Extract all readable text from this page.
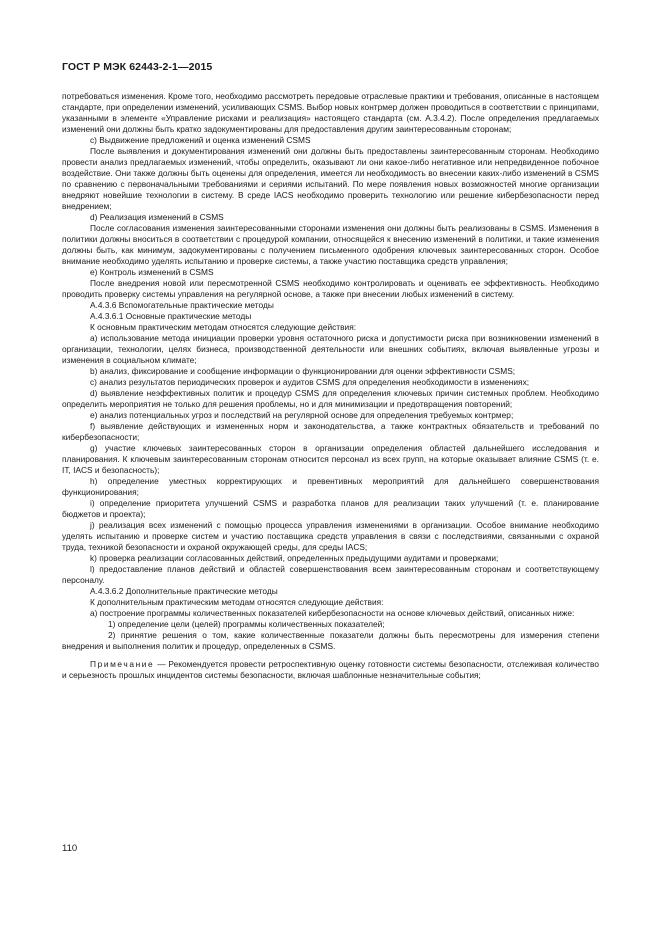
ГОСТ Р МЭК 62443-2-1—2015

потребоваться изменения. Кроме того, необходимо рассмотреть передовые отраслевые практики и требования, описанные в настоящем стандарте, при определении изменений, усиливающих CSMS. Выбор новых контрмер должен проводиться в соответствии с принципами, указанными в элементе «Управление рисками и реализация» настоящего стандарта (см. А.3.4.2). После определения предлагаемых изменений они должны быть кратко задокументированы для предоставления другим заинтересованным сторонам;

с) Выдвижение предложений и оценка изменений CSMS

После выявления и документирования изменений они должны быть предоставлены заинтересованным сторонам. Необходимо провести анализ предлагаемых изменений, чтобы определить, оказывают ли они какое-либо негативное или непредвиденное побочное воздействие. Они также должны быть оценены для определения, имеется ли необходимость во внесении каких-либо изменений в CSMS по сравнению с первоначальными требованиями и сериями испытаний. По мере появления новых возможностей многие организации внедряют новейшие технологии в систему. В среде IACS необходимо проверить технологию или решение кибербезопасности перед внедрением;

d) Реализация изменений в CSMS

После согласования изменения заинтересованными сторонами изменения они должны быть реализованы в CSMS. Изменения в политики должны вноситься в соответствии с процедурой компании, относящейся к внесению изменений в политики, и такие изменения должны быть, как минимум, задокументированы с получением письменного одобрения ключевых заинтересованных сторон. Особое внимание необходимо уделять испытанию и проверке системы, а также участию поставщика средств управления;

е) Контроль изменений в CSMS

После внедрения новой или пересмотренной CSMS необходимо контролировать и оценивать ее эффективность. Необходимо проводить проверку системы управления на регулярной основе, а также при внесении любых изменений в систему.

А.4.3.6 Вспомогательные практические методы

А.4.3.6.1 Основные практические методы

К основным практическим методам относятся следующие действия:

а) использование метода инициации проверки уровня остаточного риска и допустимости риска при возникновении изменений в организации, технологии, целях бизнеса, производственной деятельности или внешних событиях, включая выявленные угрозы и изменения в социальном климате;

b) анализ, фиксирование и сообщение информации о функционировании для оценки эффективности CSMS;

с) анализ результатов периодических проверок и аудитов CSMS для определения необходимости в изменениях;

d) выявление неэффективных политик и процедур CSMS для определения ключевых причин системных проблем. Необходимо определить мероприятия не только для решения проблемы, но и для минимизации и предотвращения повторений;

е) анализ потенциальных угроз и последствий на регулярной основе для определения требуемых контрмер;

f) выявление действующих и измененных норм и законодательства, а также контрактных обязательств и требований по кибербезопасности;

g) участие ключевых заинтересованных сторон в организации определения областей дальнейшего исследования и планирования. К ключевым заинтересованным сторонам относится персонал из всех групп, на которые оказывает влияние CSMS (т. е. IT, IACS и безопасность);

h) определение уместных корректирующих и превентивных мероприятий для дальнейшего совершенствования функционирования;

i) определение приоритета улучшений CSMS и разработка планов для реализации таких улучшений (т. е. планирование бюджетов и проекта);

j) реализация всех изменений с помощью процесса управления изменениями в организации. Особое внимание необходимо уделять испытанию и проверке систем и участию поставщика средств управления в связи с последствиями, связанными с охраной труда, техникой безопасности и охраной окружающей среды, для среды IACS;

k) проверка реализации согласованных действий, определенных предыдущими аудитами и проверками;

l) предоставление планов действий и областей совершенствования всем заинтересованным сторонам и соответствующему персоналу.

А.4.3.6.2 Дополнительные практические методы

К дополнительным практическим методам относятся следующие действия:

а) построение программы количественных показателей кибербезопасности на основе ключевых действий, описанных ниже:

1) определение цели (целей) программы количественных показателей;

2) принятие решения о том, какие количественные показатели должны быть пересмотрены для измерения степени внедрения и выполнения политик и процедур, определенных в CSMS.

Примечание — Рекомендуется провести ретроспективную оценку готовности системы безопасности, отслеживая количество и серьезность прошлых инцидентов системы безопасности, включая шаблонные незначительные события;

110
